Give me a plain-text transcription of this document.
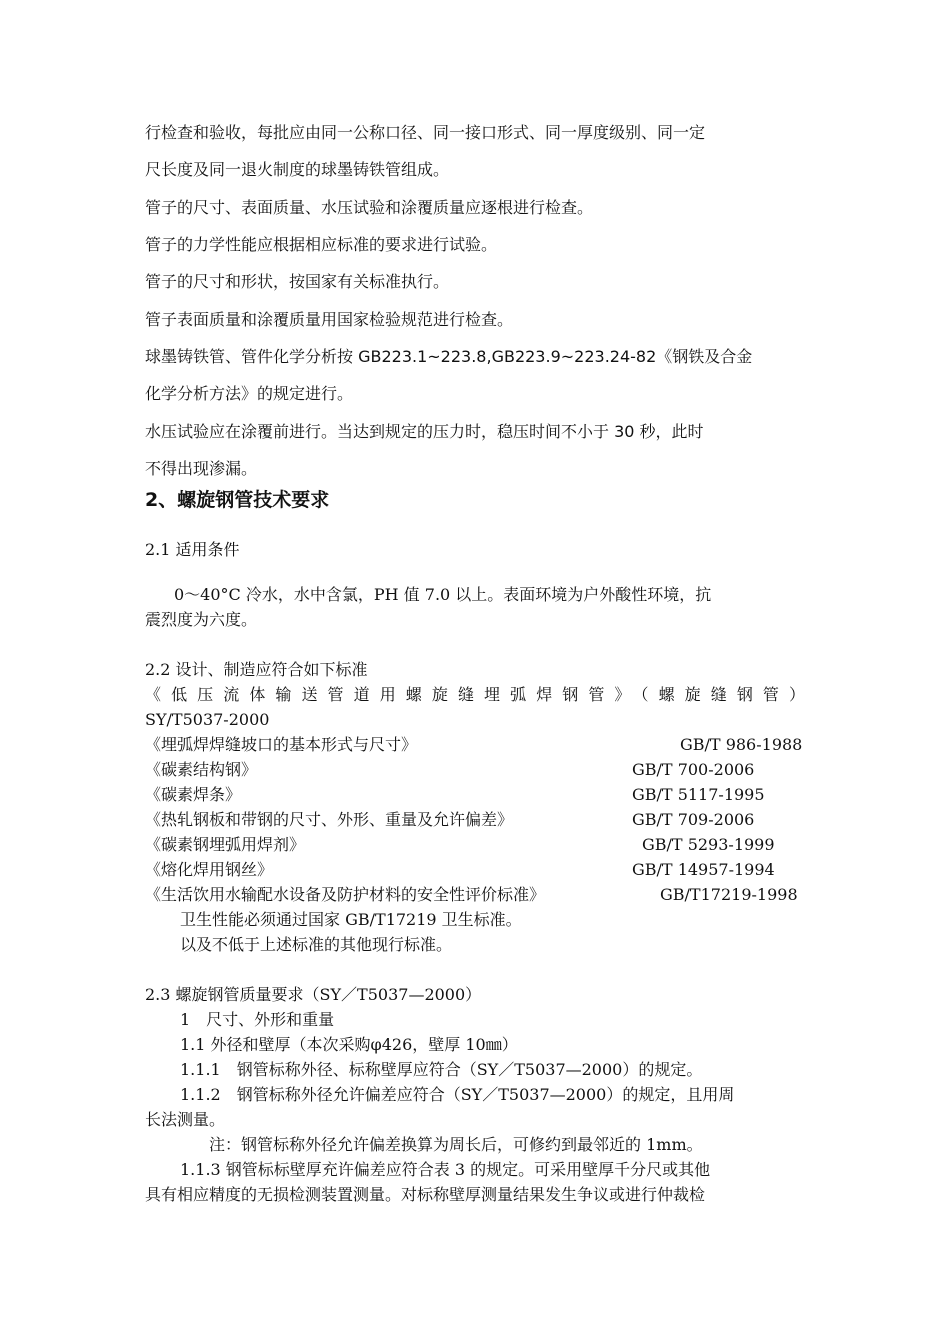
行检查和验收，每批应由同一公称口径、同一接口形式、同一厚度级别、同一定
尺长度及同一退火制度的球墨铸铁管组成。
管子的尺寸、表面质量、水压试验和涂覆质量应逐根进行检查。
管子的力学性能应根据相应标准的要求进行试验。
管子的尺寸和形状，按国家有关标准执行。
管子表面质量和涂覆质量用国家检验规范进行检查。
球墨铸铁管、管件化学分析按 GB223.1~223.8,GB223.9~223.24-82《钢铁及合金
化学分析方法》的规定进行。
水压试验应在涂覆前进行。当达到规定的压力时，稳压时间不小于 30 秒，此时
不得出现渗漏。
2、螺旋钢管技术要求
2.1 适用条件
0～40°C 冷水，水中含氯，PH 值 7.0 以上。表面环境为户外酸性环境，抗
震烈度为六度。
2.2 设计、制造应符合如下标准
《低压流体输送管道用螺旋缝埋弧焊钢管》（螺旋缝钢管）
SY/T5037-2000
《埋弧焊焊缝坡口的基本形式与尺寸》	GB/T 986-1988
《碳素结构钢》	GB/T 700-2006
《碳素焊条》	GB/T 5117-1995
《热轧钢板和带钢的尺寸、外形、重量及允许偏差》	GB/T 709-2006
《碳素钢埋弧用焊剂》	GB/T 5293-1999
《熔化焊用钢丝》	GB/T 14957-1994
《生活饮用水输配水设备及防护材料的安全性评价标准》	GB/T17219-1998
卫生性能必须通过国家 GB/T17219 卫生标准。
以及不低于上述标准的其他现行标准。
2.3 螺旋钢管质量要求（SY／T5037—2000）
1　尺寸、外形和重量
1.1 外径和壁厚（本次采购φ426，壁厚 10㎜）
1.1.1　钢管标称外径、标称壁厚应符合（SY／T5037—2000）的规定。
1.1.2　钢管标称外径允许偏差应符合（SY／T5037—2000）的规定，且用周
长法测量。
注：钢管标称外径允许偏差换算为周长后，可修约到最邻近的 1mm。
1.1.3 钢管标标壁厚充许偏差应符合表 3 的规定。可采用壁厚千分尺或其他
具有相应精度的无损检测装置测量。对标称壁厚测量结果发生争议或进行仲裁检
